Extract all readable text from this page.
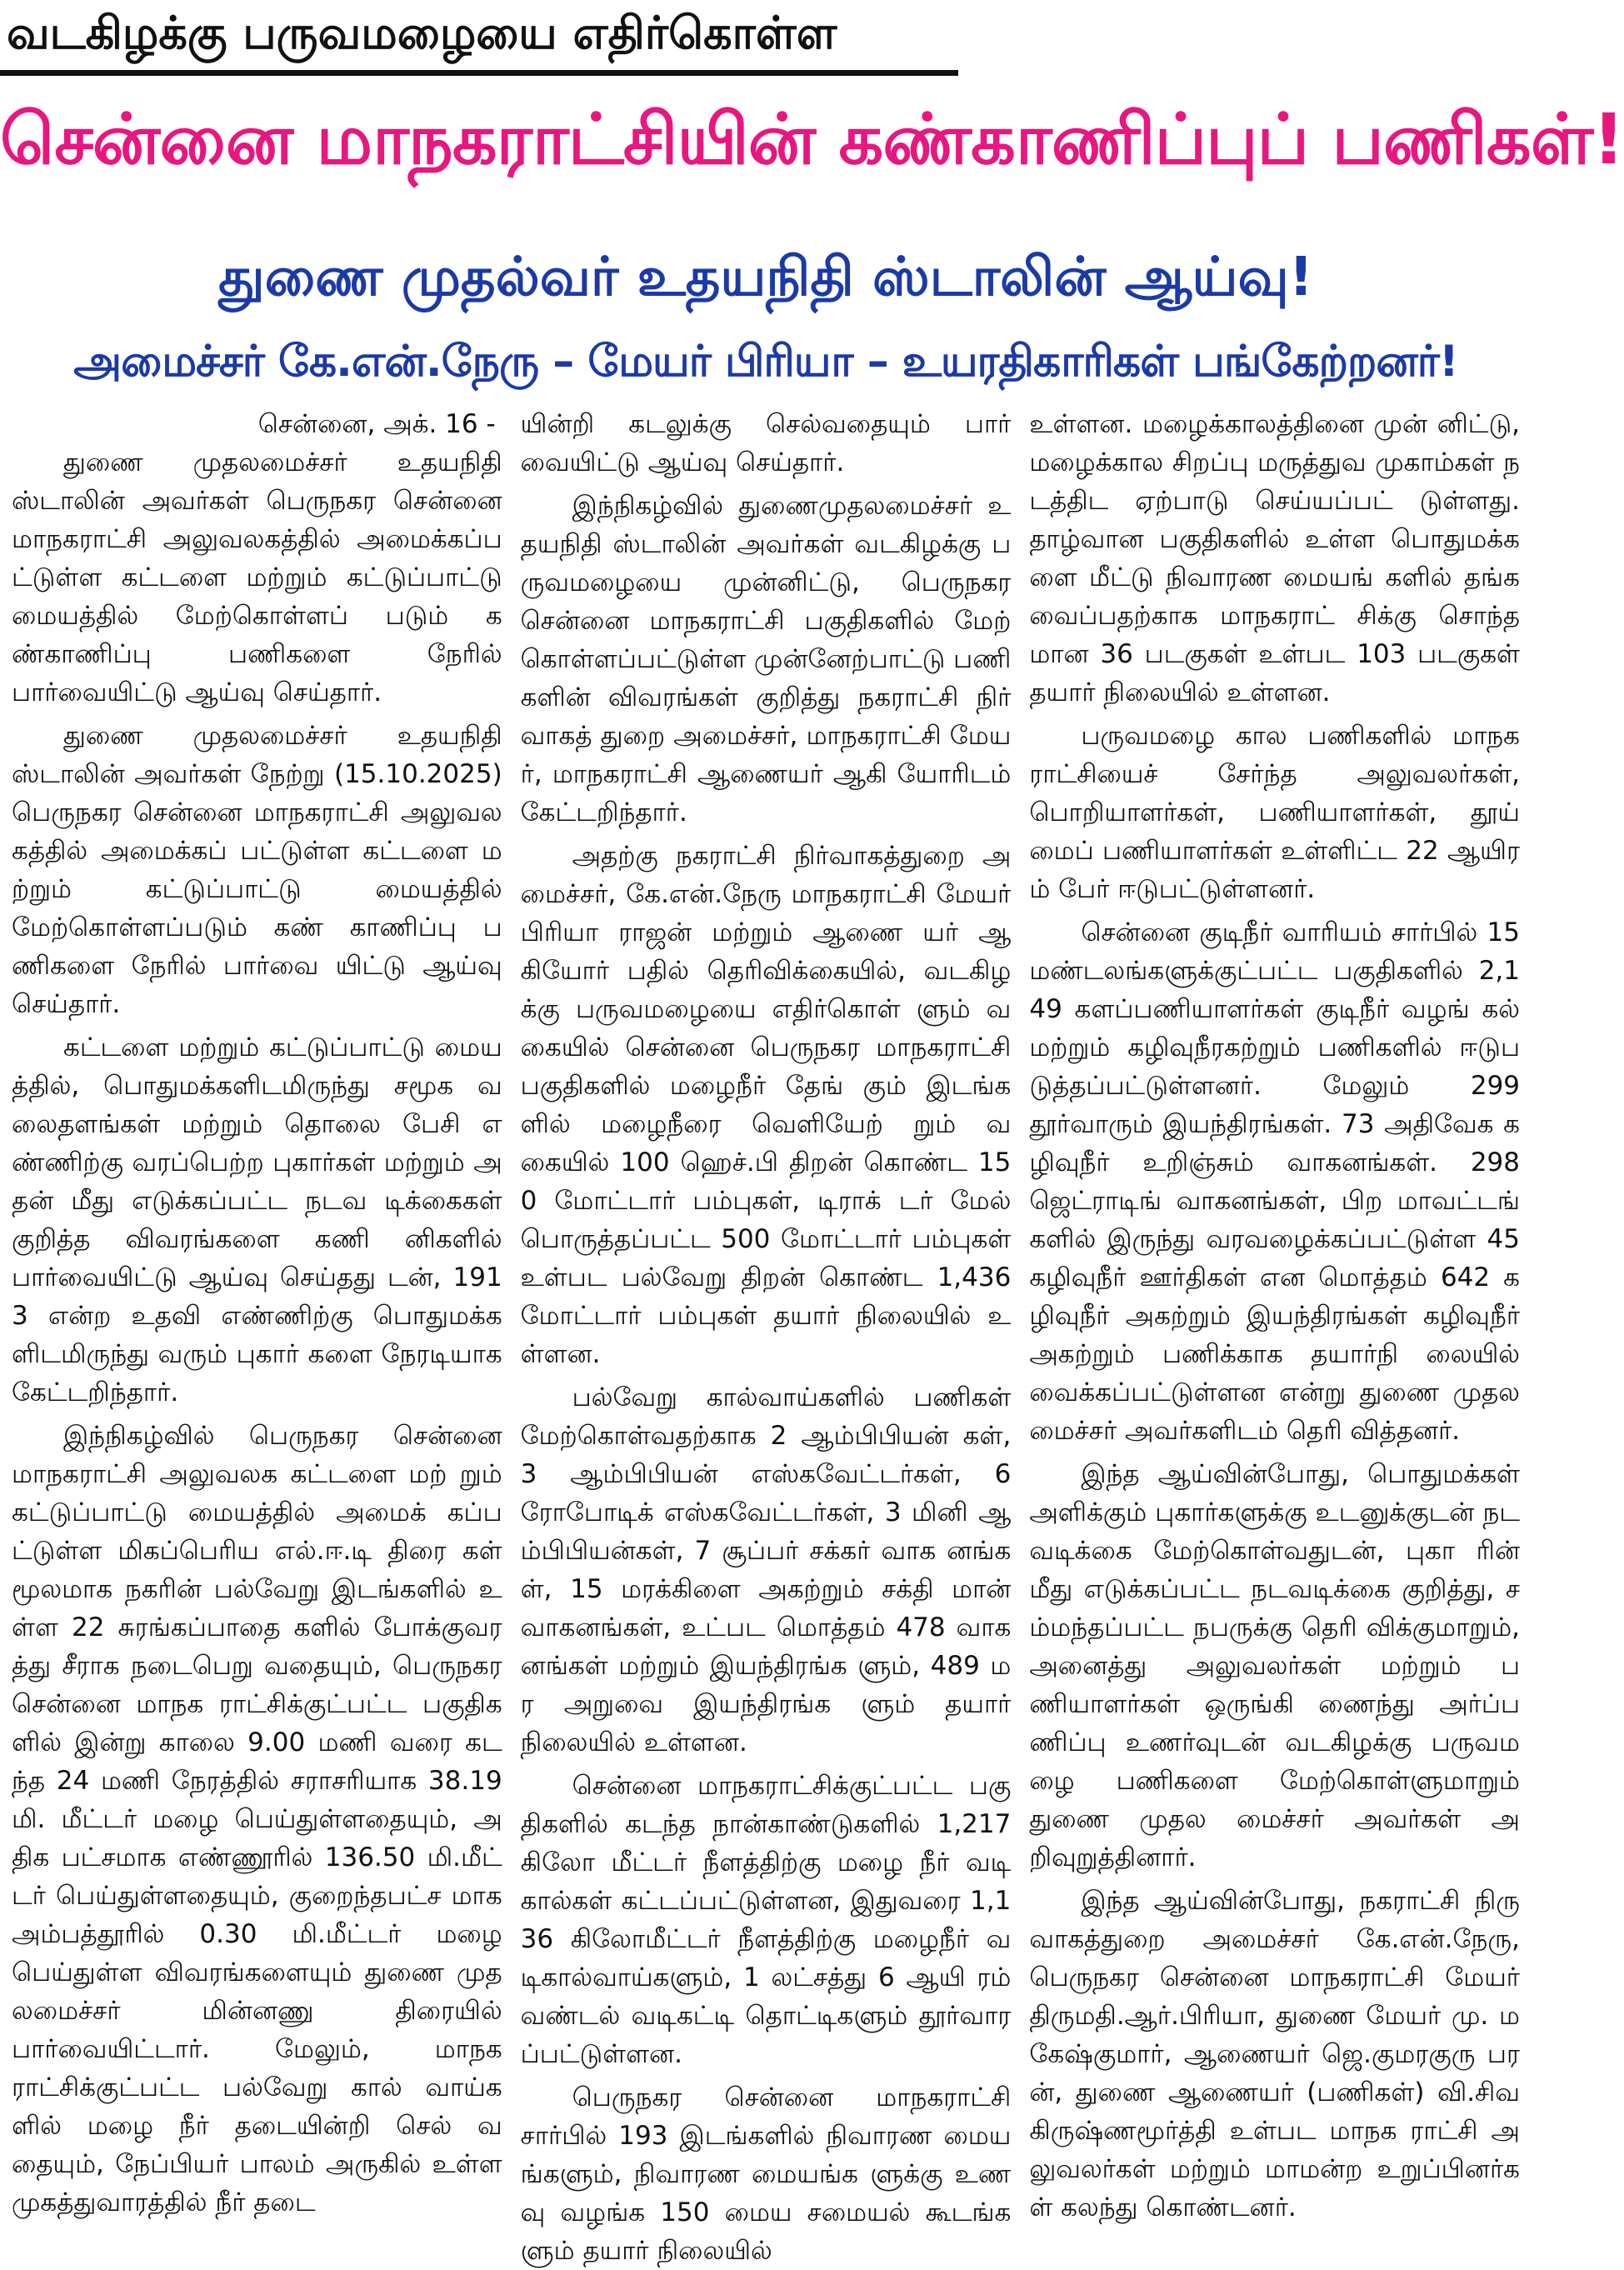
வடகிழக்கு பருவமழையை எதிர்கொள்ள
சென்னை மாநகராட்சியின் கண்காணிப்புப் பணிகள்!
துணை முதல்வர் உதயநிதி ஸ்டாலின் ஆய்வு!
அமைச்சர் கே.என்.நேரு – மேயர் பிரியா – உயரதிகாரிகள் பங்கேற்றனர்!
சென்னை, அக். 16 -

துணை முதலமைச்சர் உதயநிதி ஸ்டாலின் அவர்கள் பெருநகர சென்னை மாநகராட்சி அலுவலகத்தில் அமைக்கப்பட்டுள்ள கட்டளை மற்றும் கட்டுப்பாட்டு மையத்தில் மேற்கொள்ளப் படும் கண்காணிப்பு பணிகளை நேரில் பார்வையிட்டு ஆய்வு செய்தார்.

துணை முதலமைச்சர் உதயநிதி ஸ்டாலின் அவர்கள் நேற்று (15.10.2025) பெருநகர சென்னை மாநகராட்சி அலுவலகத்தில் அமைக்கப் பட்டுள்ள கட்டளை மற்றும் கட்டுப்பாட்டு மையத்தில் மேற்கொள்ளப்படும் கண் காணிப்பு பணிகளை நேரில் பார்வை யிட்டு ஆய்வு செய்தார்.

கட்டளை மற்றும் கட்டுப்பாட்டு மையத்தில், பொதுமக்களிடமிருந்து சமூக வலைதளங்கள் மற்றும் தொலை பேசி எண்ணிற்கு வரப்பெற்ற புகார்கள் மற்றும் அதன் மீது எடுக்கப்பட்ட நடவ டிக்கைகள் குறித்த விவரங்களை கணி னிகளில் பார்வையிட்டு ஆய்வு செய்தது டன், 1913 என்ற உதவி எண்ணிற்கு பொதுமக்களிடமிருந்து வரும் புகார் களை நேரடியாக கேட்டறிந்தார்.

இந்நிகழ்வில் பெருநகர சென்னை மாநகராட்சி அலுவலக கட்டளை மற் றும் கட்டுப்பாட்டு மையத்தில் அமைக் கப்பட்டுள்ள மிகப்பெரிய எல்.ஈ.டி திரை கள் மூலமாக நகரின் பல்வேறு இடங்களில் உள்ள 22 சுரங்கப்பாதை களில் போக்குவரத்து சீராக நடைபெறு வதையும், பெருநகர சென்னை மாநக ராட்சிக்குட்பட்ட பகுதிகளில் இன்று காலை 9.00 மணி வரை கடந்த 24 மணி நேரத்தில் சராசரியாக 38.19 மி. மீட்டர் மழை பெய்துள்ளதையும், அதிக பட்சமாக எண்ணூரில் 136.50 மி.மீட் டர் பெய்துள்ளதையும், குறைந்தபட்ச மாக அம்பத்தூரில் 0.30 மி.மீட்டர் மழை பெய்துள்ள விவரங்களையும் துணை முதலமைச்சர் மின்னணு திரையில் பார்வையிட்டார். மேலும், மாநகராட்சிக்குட்பட்ட பல்வேறு கால் வாய்களில் மழை நீர் தடையின்றி செல் வதையும், நேப்பியர் பாலம் அருகில் உள்ள முகத்துவாரத்தில் நீர் தடை

யின்றி கடலுக்கு செல்வதையும் பார் வையிட்டு ஆய்வு செய்தார்.

இந்நிகழ்வில் துணைமுதலமைச்சர் உதயநிதி ஸ்டாலின் அவர்கள் வடகிழக்கு பருவமழையை முன்னிட்டு, பெருநகர சென்னை மாநகராட்சி பகுதிகளில் மேற் கொள்ளப்பட்டுள்ள முன்னேற்பாட்டு பணி களின் விவரங்கள் குறித்து நகராட்சி நிர் வாகத் துறை அமைச்சர், மாநகராட்சி மேயர், மாநகராட்சி ஆணையர் ஆகி யோரிடம் கேட்டறிந்தார்.

அதற்கு நகராட்சி நிர்வாகத்துறை அமைச்சர், கே.என்.நேரு மாநகராட்சி மேயர் பிரியா ராஜன் மற்றும் ஆணை யர் ஆகியோர் பதில் தெரிவிக்கையில், வடகிழக்கு பருவமழையை எதிர்கொள் ளும் வகையில் சென்னை பெருநகர மாநகராட்சி பகுதிகளில் மழைநீர் தேங் கும் இடங்களில் மழைநீரை வெளியேற் றும் வகையில் 100 ஹெச்.பி திறன் கொண்ட 150 மோட்டார் பம்புகள், டிராக் டர் மேல் பொருத்தப்பட்ட 500 மோட்டார் பம்புகள் உள்பட பல்வேறு திறன் கொண்ட 1,436 மோட்டார் பம்புகள் தயார் நிலையில் உள்ளன.

பல்வேறு கால்வாய்களில் பணிகள் மேற்கொள்வதற்காக 2 ஆம்பிபியன் கள், 3 ஆம்பிபியன் எஸ்கவேட்டர்கள், 6 ரோபோடிக் எஸ்கவேட்டர்கள், 3 மினி ஆம்பிபியன்கள், 7 சூப்பர் சக்கர் வாக னங்கள், 15 மரக்கிளை அகற்றும் சக்தி மான் வாகனங்கள், உட்பட மொத்தம் 478 வாகனங்கள் மற்றும் இயந்திரங்க ளும், 489 மர அறுவை இயந்திரங்க ளும் தயார் நிலையில் உள்ளன.

சென்னை மாநகராட்சிக்குட்பட்ட பகு திகளில் கடந்த நான்காண்டுகளில் 1,217 கிலோ மீட்டர் நீளத்திற்கு மழை நீர் வடி கால்கள் கட்டப்பட்டுள்ளன, இதுவரை 1,136 கிலோமீட்டர் நீளத்திற்கு மழைநீர் வடிகால்வாய்களும், 1 லட்சத்து 6 ஆயி ரம் வண்டல் வடிகட்டி தொட்டிகளும் தூர்வாரப்பட்டுள்ளன.

பெருநகர சென்னை மாநகராட்சி சார்பில் 193 இடங்களில் நிவாரண மையங்களும், நிவாரண மையங்க ளுக்கு உணவு வழங்க 150 மைய சமையல் கூடங்களும் தயார் நிலையில்

உள்ளன. மழைக்காலத்தினை முன் னிட்டு, மழைக்கால சிறப்பு மருத்துவ முகாம்கள் நடத்திட ஏற்பாடு செய்யப்பட் டுள்ளது. தாழ்வான பகுதிகளில் உள்ள பொதுமக்களை மீட்டு நிவாரண மையங் களில் தங்க வைப்பதற்காக மாநகராட் சிக்கு சொந்தமான 36 படகுகள் உள்பட 103 படகுகள் தயார் நிலையில் உள்ளன.

பருவமழை கால பணிகளில் மாநக ராட்சியைச் சேர்ந்த அலுவலர்கள், பொறியாளர்கள், பணியாளர்கள், தூய் மைப் பணியாளர்கள் உள்ளிட்ட 22 ஆயிரம் பேர் ஈடுபட்டுள்ளனர்.

சென்னை குடிநீர் வாரியம் சார்பில் 15 மண்டலங்களுக்குட்பட்ட பகுதிகளில் 2,149 களப்பணியாளர்கள் குடிநீர் வழங் கல் மற்றும் கழிவுநீரகற்றும் பணிகளில் ஈடுபடுத்தப்பட்டுள்ளனர். மேலும் 299 தூர்வாரும் இயந்திரங்கள். 73 அதிவேக கழிவுநீர் உறிஞ்சும் வாகனங்கள். 298 ஜெட்ராடிங் வாகனங்கள், பிற மாவட்டங் களில் இருந்து வரவழைக்கப்பட்டுள்ள 45 கழிவுநீர் ஊர்திகள் என மொத்தம் 642 கழிவுநீர் அகற்றும் இயந்திரங்கள் கழிவுநீர் அகற்றும் பணிக்காக தயார்நி லையில் வைக்கப்பட்டுள்ளன என்று துணை முதலமைச்சர் அவர்களிடம் தெரி வித்தனர்.

இந்த ஆய்வின்போது, பொதுமக்கள் அளிக்கும் புகார்களுக்கு உடனுக்குடன் நடவடிக்கை மேற்கொள்வதுடன், புகா ரின் மீது எடுக்கப்பட்ட நடவடிக்கை குறித்து, சம்மந்தப்பட்ட நபருக்கு தெரி விக்குமாறும், அனைத்து அலுவலர்கள் மற்றும் பணியாளர்கள் ஒருங்கி ணைந்து அர்ப்பணிப்பு உணர்வுடன் வடகிழக்கு பருவமழை பணிகளை மேற்கொள்ளுமாறும் துணை முதல மைச்சர் அவர்கள் அறிவுறுத்தினார்.

இந்த ஆய்வின்போது, நகராட்சி நிரு வாகத்துறை அமைச்சர் கே.என்.நேரு, பெருநகர சென்னை மாநகராட்சி மேயர் திருமதி.ஆர்.பிரியா, துணை மேயர் மு. மகேஷ்குமார், ஆணையர் ஜெ.குமரகுரு பரன், துணை ஆணையர் (பணிகள்) வி.சிவகிருஷ்ணமூர்த்தி உள்பட மாநக ராட்சி அலுவலர்கள் மற்றும் மாமன்ற உறுப்பினர்கள் கலந்து கொண்டனர்.
